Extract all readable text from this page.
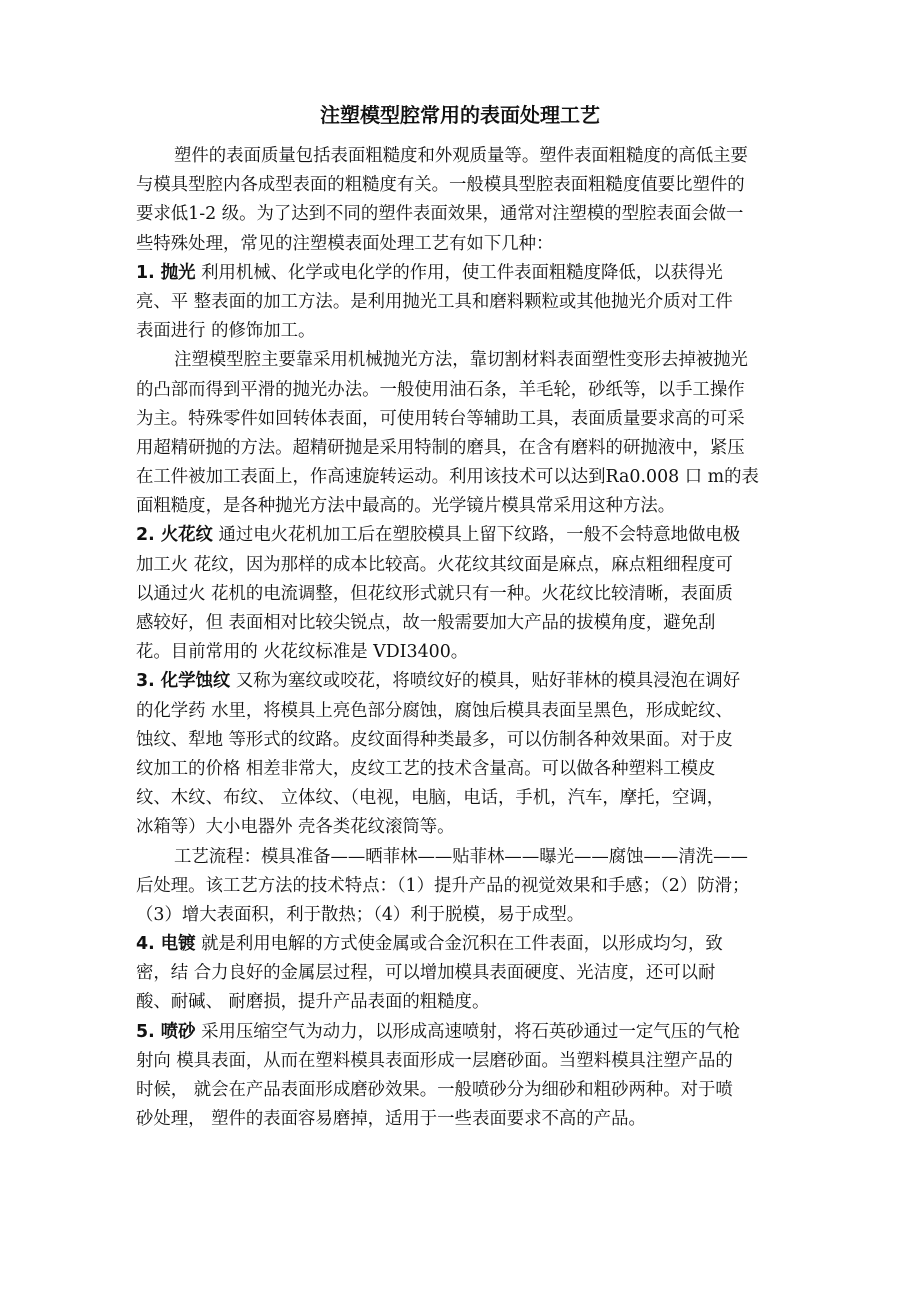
注塑模型腔常用的表面处理工艺
塑件的表面质量包括表面粗糙度和外观质量等。塑件表面粗糙度的高低主要
与模具型腔内各成型表面的粗糙度有关。一般模具型腔表面粗糙度值要比塑件的
要求低1-2 级。为了达到不同的塑件表面效果，通常对注塑模的型腔表面会做一
些特殊处理，常见的注塑模表面处理工艺有如下几种：
1. 抛光 利用机械、化学或电化学的作用，使工件表面粗糙度降低，以获得光
亮、平 整表面的加工方法。是利用抛光工具和磨料颗粒或其他抛光介质对工件
表面进行 的修饰加工。
注塑模型腔主要靠采用机械抛光方法，靠切割材料表面塑性变形去掉被抛光
的凸部而得到平滑的抛光办法。一般使用油石条，羊毛轮，砂纸等，以手工操作
为主。特殊零件如回转体表面，可使用转台等辅助工具，表面质量要求高的可采
用超精研抛的方法。超精研抛是采用特制的磨具，在含有磨料的研抛液中，紧压
在工件被加工表面上，作高速旋转运动。利用该技术可以达到Ra0.008 口 m的表
面粗糙度，是各种抛光方法中最高的。光学镜片模具常采用这种方法。
2. 火花纹 通过电火花机加工后在塑胶模具上留下纹路，一般不会特意地做电极
加工火 花纹，因为那样的成本比较高。火花纹其纹面是麻点，麻点粗细程度可
以通过火 花机的电流调整，但花纹形式就只有一种。火花纹比较清晰，表面质
感较好，但 表面相对比较尖锐点，故一般需要加大产品的拔模角度，避免刮
花。目前常用的 火花纹标准是 VDI3400。
3. 化学蚀纹 又称为塞纹或咬花，将喷纹好的模具，贴好菲林的模具浸泡在调好
的化学药 水里，将模具上亮色部分腐蚀，腐蚀后模具表面呈黑色，形成蛇纹、
蚀纹、犁地 等形式的纹路。皮纹面得种类最多，可以仿制各种效果面。对于皮
纹加工的价格 相差非常大，皮纹工艺的技术含量高。可以做各种塑料工模皮
纹、木纹、布纹、 立体纹、（电视，电脑，电话，手机，汽车，摩托，空调，
冰箱等）大小电器外 壳各类花纹滚筒等。
工艺流程：模具准备——晒菲林——贴菲林——曝光——腐蚀——清洗——
后处理。该工艺方法的技术特点：（1）提升产品的视觉效果和手感；（2）防滑；
（3）增大表面积，利于散热；（4）利于脱模，易于成型。
4. 电镀 就是利用电解的方式使金属或合金沉积在工件表面，以形成均匀，致
密，结 合力良好的金属层过程，可以增加模具表面硬度、光洁度，还可以耐
酸、耐碱、 耐磨损，提升产品表面的粗糙度。
5. 喷砂 采用压缩空气为动力，以形成高速喷射，将石英砂通过一定气压的气枪
射向 模具表面，从而在塑料模具表面形成一层磨砂面。当塑料模具注塑产品的
时候， 就会在产品表面形成磨砂效果。一般喷砂分为细砂和粗砂两种。对于喷
砂处理， 塑件的表面容易磨掉，适用于一些表面要求不高的产品。
